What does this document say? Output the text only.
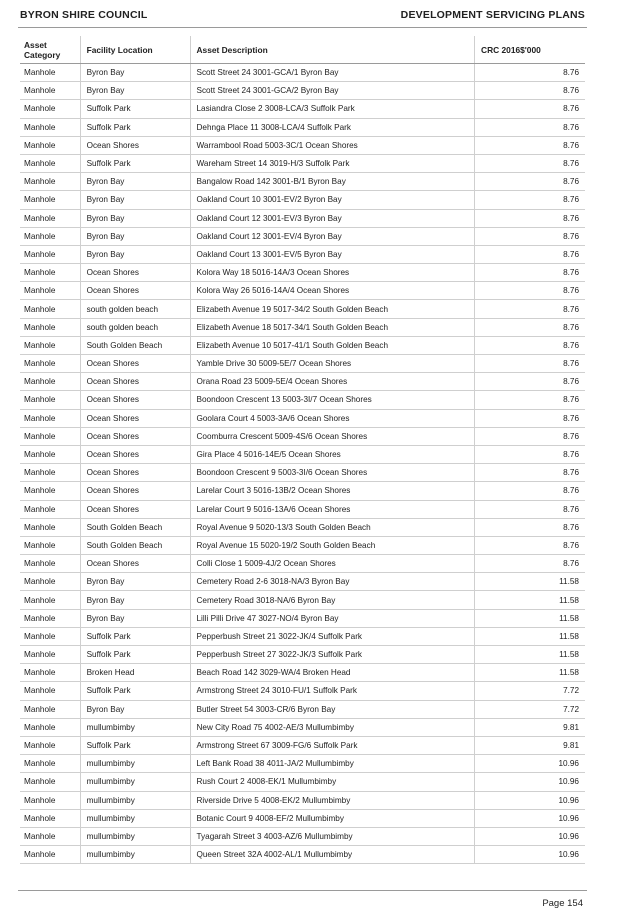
BYRON SHIRE COUNCIL	DEVELOPMENT SERVICING PLANS
Asset Category	Facility Location	Asset Description	CRC 2016$'000
Manhole	Byron Bay	Scott Street 24 3001-GCA/1 Byron Bay	8.76
Manhole	Byron Bay	Scott Street 24 3001-GCA/2 Byron Bay	8.76
Manhole	Suffolk Park	Lasiandra Close 2 3008-LCA/3 Suffolk Park	8.76
Manhole	Suffolk Park	Dehnga Place 11 3008-LCA/4 Suffolk Park	8.76
Manhole	Ocean Shores	Warrambool Road 5003-3C/1 Ocean Shores	8.76
Manhole	Suffolk Park	Wareham Street 14 3019-H/3 Suffolk Park	8.76
Manhole	Byron Bay	Bangalow Road 142 3001-B/1 Byron Bay	8.76
Manhole	Byron Bay	Oakland Court 10 3001-EV/2 Byron Bay	8.76
Manhole	Byron Bay	Oakland Court 12 3001-EV/3 Byron Bay	8.76
Manhole	Byron Bay	Oakland Court 12 3001-EV/4 Byron Bay	8.76
Manhole	Byron Bay	Oakland Court 13 3001-EV/5 Byron Bay	8.76
Manhole	Ocean Shores	Kolora Way 18 5016-14A/3 Ocean Shores	8.76
Manhole	Ocean Shores	Kolora Way 26 5016-14A/4 Ocean Shores	8.76
Manhole	south golden beach	Elizabeth Avenue 19 5017-34/2 South Golden Beach	8.76
Manhole	south golden beach	Elizabeth Avenue 18 5017-34/1 South Golden Beach	8.76
Manhole	South Golden Beach	Elizabeth Avenue 10 5017-41/1 South Golden Beach	8.76
Manhole	Ocean Shores	Yamble Drive 30 5009-5E/7 Ocean Shores	8.76
Manhole	Ocean Shores	Orana Road 23 5009-5E/4 Ocean Shores	8.76
Manhole	Ocean Shores	Boondoon Crescent 13 5003-3I/7 Ocean Shores	8.76
Manhole	Ocean Shores	Goolara Court 4 5003-3A/6 Ocean Shores	8.76
Manhole	Ocean Shores	Coomburra Crescent 5009-4S/6 Ocean Shores	8.76
Manhole	Ocean Shores	Gira Place 4 5016-14E/5 Ocean Shores	8.76
Manhole	Ocean Shores	Boondoon Crescent 9 5003-3I/6 Ocean Shores	8.76
Manhole	Ocean Shores	Larelar Court 3 5016-13B/2 Ocean Shores	8.76
Manhole	Ocean Shores	Larelar Court 9 5016-13A/6 Ocean Shores	8.76
Manhole	South Golden Beach	Royal Avenue 9 5020-13/3 South Golden Beach	8.76
Manhole	South Golden Beach	Royal Avenue 15 5020-19/2 South Golden Beach	8.76
Manhole	Ocean Shores	Colli Close 1 5009-4J/2 Ocean Shores	8.76
Manhole	Byron Bay	Cemetery Road 2-6 3018-NA/3 Byron Bay	11.58
Manhole	Byron Bay	Cemetery Road 3018-NA/6 Byron Bay	11.58
Manhole	Byron Bay	Lilli Pilli Drive 47 3027-NO/4 Byron Bay	11.58
Manhole	Suffolk Park	Pepperbush Street 21 3022-JK/4 Suffolk Park	11.58
Manhole	Suffolk Park	Pepperbush Street 27 3022-JK/3 Suffolk Park	11.58
Manhole	Broken Head	Beach Road 142 3029-WA/4 Broken Head	11.58
Manhole	Suffolk Park	Armstrong Street 24 3010-FU/1 Suffolk Park	7.72
Manhole	Byron Bay	Butler Street 54 3003-CR/6 Byron Bay	7.72
Manhole	mullumbimby	New City Road 75 4002-AE/3 Mullumbimby	9.81
Manhole	Suffolk Park	Armstrong Street 67 3009-FG/6 Suffolk Park	9.81
Manhole	mullumbimby	Left Bank Road 38 4011-JA/2 Mullumbimby	10.96
Manhole	mullumbimby	Rush Court 2 4008-EK/1 Mullumbimby	10.96
Manhole	mullumbimby	Riverside Drive 5 4008-EK/2 Mullumbimby	10.96
Manhole	mullumbimby	Botanic Court 9 4008-EF/2 Mullumbimby	10.96
Manhole	mullumbimby	Tyagarah Street 3 4003-AZ/6 Mullumbimby	10.96
Manhole	mullumbimby	Queen Street 32A 4002-AL/1 Mullumbimby	10.96
Page 154
